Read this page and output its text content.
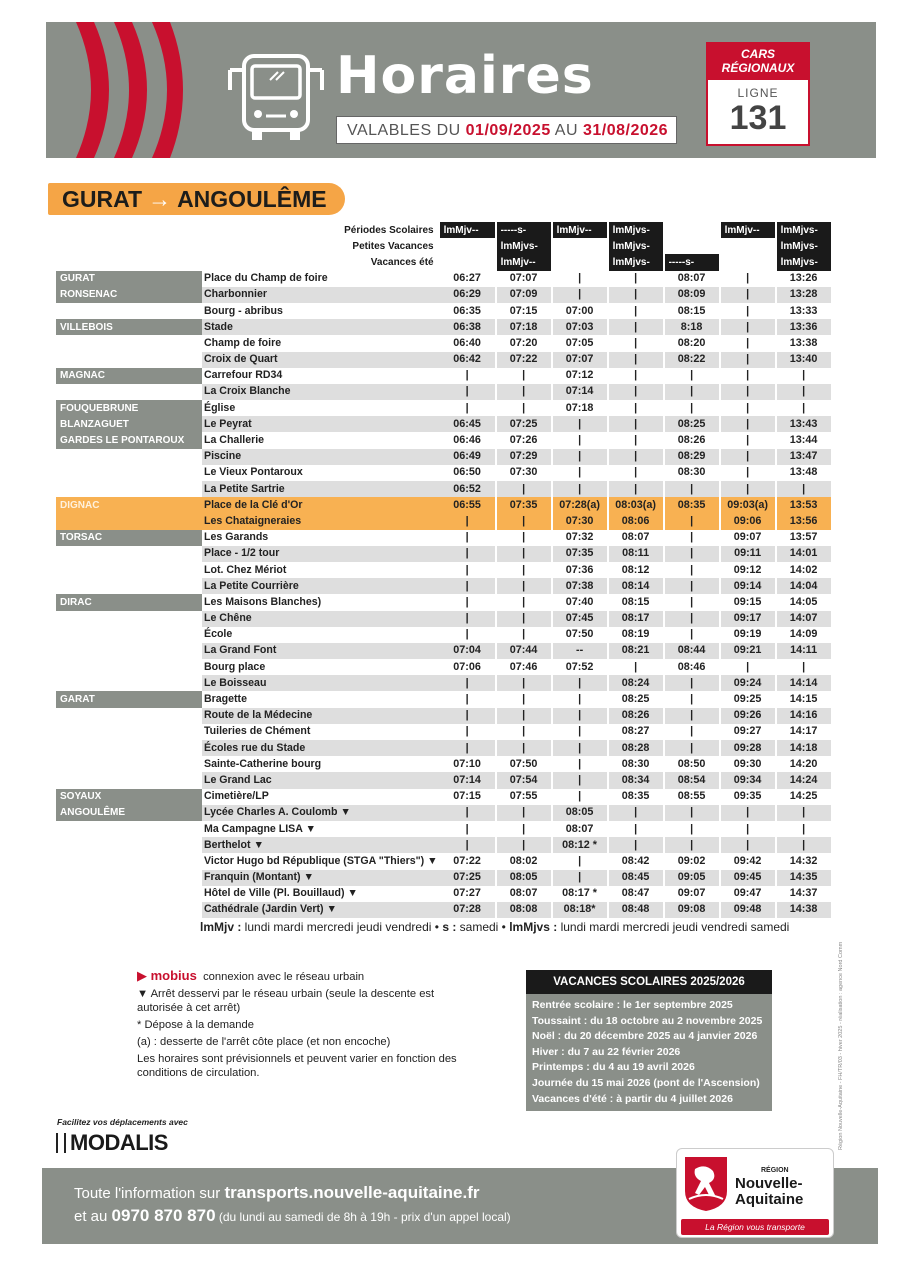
Horaires
VALABLES DU 01/09/2025 AU 31/08/2026
CARS RÉGIONAUX
LIGNE
131
GURAT → ANGOULÊME
Périodes Scolaires		lmMjv--	-----s-	lmMjv--	lmMjvs-		lmMjv--	lmMjvs-
Petites Vacances			lmMjvs-		lmMjvs-			lmMjvs-
Vacances été			lmMjv--		lmMjvs-	-----s-		lmMjvs-
GURAT	Place du Champ de foire	06:27	07:07	|	|	08:07	|	13:26
RONSENAC	Charbonnier	06:29	07:09	|	|	08:09	|	13:28
	Bourg - abribus	06:35	07:15	07:00	|	08:15	|	13:33
VILLEBOIS	Stade	06:38	07:18	07:03	|	8:18	|	13:36
	Champ de foire	06:40	07:20	07:05	|	08:20	|	13:38
	Croix de Quart	06:42	07:22	07:07	|	08:22	|	13:40
MAGNAC	Carrefour RD34	|	|	07:12	|	|	|	|
	La Croix Blanche	|	|	07:14	|	|	|	|
FOUQUEBRUNE	Église	|	|	07:18	|	|	|	|
BLANZAGUET	Le Peyrat	06:45	07:25	|	|	08:25	|	13:43
GARDES LE PONTAROUX	La Challerie	06:46	07:26	|	|	08:26	|	13:44
	Piscine	06:49	07:29	|	|	08:29	|	13:47
	Le Vieux Pontaroux	06:50	07:30	|	|	08:30	|	13:48
	La Petite Sartrie	06:52	|	|	|	|	|	|
DIGNAC	Place de la Clé d'Or	06:55	07:35	07:28(a)	08:03(a)	08:35	09:03(a)	13:53
	Les Chataigneraies	|	|	07:30	08:06	|	09:06	13:56
TORSAC	Les Garands	|	|	07:32	08:07	|	09:07	13:57
	Place - 1/2 tour	|	|	07:35	08:11	|	09:11	14:01
	Lot. Chez Mériot	|	|	07:36	08:12	|	09:12	14:02
	La Petite Courrière	|	|	07:38	08:14	|	09:14	14:04
DIRAC	Les Maisons Blanches)	|	|	07:40	08:15	|	09:15	14:05
	Le Chêne	|	|	07:45	08:17	|	09:17	14:07
	École	|	|	07:50	08:19	|	09:19	14:09
	La Grand Font	07:04	07:44	--	08:21	08:44	09:21	14:11
	Bourg place	07:06	07:46	07:52	|	08:46	|	|
	Le Boisseau	|	|	|	08:24	|	09:24	14:14
GARAT	Bragette	|	|	|	08:25	|	09:25	14:15
	Route de la Médecine	|	|	|	08:26	|	09:26	14:16
	Tuileries de Chément	|	|	|	08:27	|	09:27	14:17
	Écoles rue du Stade	|	|	|	08:28	|	09:28	14:18
	Sainte-Catherine bourg	07:10	07:50	|	08:30	08:50	09:30	14:20
	Le Grand Lac	07:14	07:54	|	08:34	08:54	09:34	14:24
SOYAUX	Cimetière/LP	07:15	07:55	|	08:35	08:55	09:35	14:25
ANGOULÊME	Lycée Charles A. Coulomb ▼	|	|	08:05	|	|	|	|
	Ma Campagne LISA ▼	|	|	08:07	|	|	|	|
	Berthelot ▼	|	|	08:12 *	|	|	|	|
	Victor Hugo bd République (STGA "Thiers") ▼	07:22	08:02	|	08:42	09:02	09:42	14:32
	Franquin (Montant) ▼	07:25	08:05	|	08:45	09:05	09:45	14:35
	Hôtel de Ville (Pl. Bouillaud) ▼	07:27	08:07	08:17 *	08:47	09:07	09:47	14:37
	Cathédrale (Jardin Vert) ▼	07:28	08:08	08:18*	08:48	09:08	09:48	14:38
lmMjv : lundi mardi mercredi jeudi vendredi • s : samedi • lmMjvs : lundi mardi mercredi jeudi vendredi samedi

▶ mobius connexion avec le réseau urbain

▼ Arrêt desservi par le réseau urbain (seule la descente est autorisée à cet arrêt)

* Dépose à la demande

(a) : desserte de l'arrêt côte place (et non encoche)

Les horaires sont prévisionnels et peuvent varier en fonction des conditions de circulation.

VACANCES SCOLAIRES 2025/2026
Rentrée scolaire : le 1er septembre 2025
Toussaint : du 18 octobre au 2 novembre 2025
Noël : du 20 décembre 2025 au 4 janvier 2026
Hiver : du 7 au 22 février 2026
Printemps : du 4 au 19 avril 2026
Journée du 15 mai 2026 (pont de l'Ascension)
Vacances d'été : à partir du 4 juillet 2026	Région Nouvelle-Aquitaine - FH/TR/03 - hiver 2025 - réalisation : agence Nord Comm
Facilitez vos déplacements avec
MODALIS
Toute l'information sur transports.nouvelle-aquitaine.fr
et au 0970 870 870 (du lundi au samedi de 8h à 19h - prix d'un appel local)
RÉGION
Nouvelle-Aquitaine
La Région vous transporte
